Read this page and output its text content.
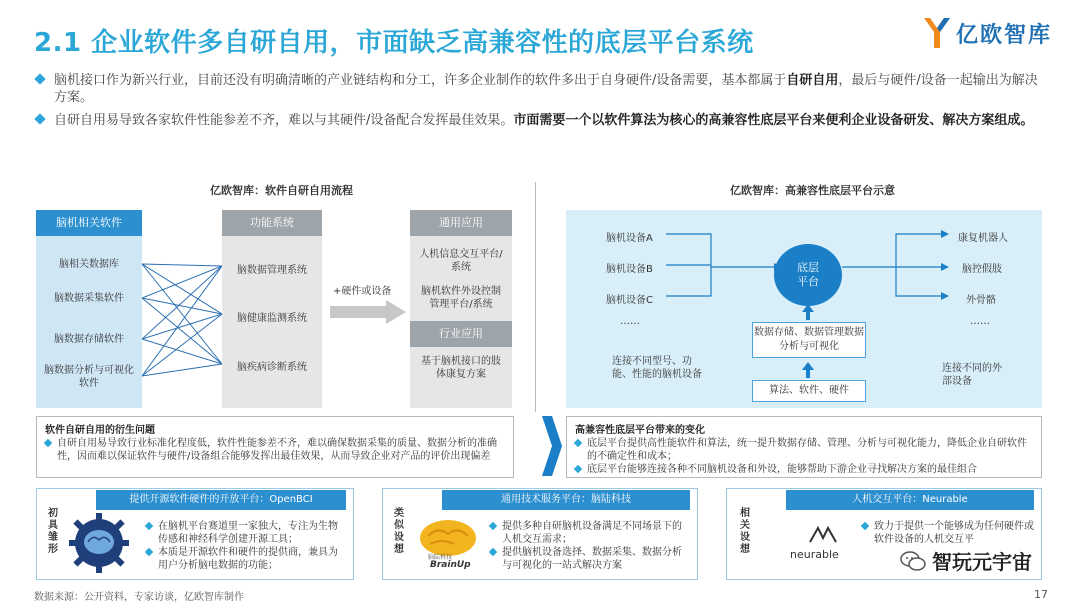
2.1 企业软件多自研自用，市面缺乏高兼容性的底层平台系统	亿欧智库
脑机接口作为新兴行业，目前还没有明确清晰的产业链结构和分工，许多企业制作的软件多出于自身硬件/设备需要，基本都属于自研自用，最后与硬件/设备一起输出为解决方案。
自研自用易导致各家软件性能参差不齐，难以与其硬件/设备配合发挥最佳效果。市面需要一个以软件算法为核心的高兼容性底层平台来便利企业设备研发、解决方案组成。
亿欧智库：软件自研自用流程
脑机相关软件
脑相关数据库
脑数据采集软件
脑数据存储软件
脑数据分析与可视化软件
功能系统
脑数据管理系统
脑健康监测系统
脑疾病诊断系统
+硬件或设备
通用应用
人机信息交互平台/系统
脑机软件外设控制管理平台/系统
行业应用
基于脑机接口的肢体康复方案
亿欧智库：高兼容性底层平台示意
脑机设备A
脑机设备B
脑机设备C
……
康复机器人
脑控假肢
外骨骼
……
底层平台
数据存储、数据管理数据分析与可视化
算法、软件、硬件
连接不同型号、功能、性能的脑机设备
连接不同的外部设备
软件自研自用的衍生问题
自研自用易导致行业标准化程度低，软件性能参差不齐，难以确保数据采集的质量、数据分析的准确性，因而难以保证软件与硬件/设备组合能够发挥出最佳效果，从而导致企业对产品的评价出现偏差
高兼容性底层平台带来的变化
底层平台提供高性能软件和算法，统一提升数据存储、管理、分析与可视化能力，降低企业自研软件的不确定性和成本；
底层平台能够连接各种不同脑机设备和外设，能够帮助下游企业寻找解决方案的最佳组合
提供开源软件硬件的开放平台：OpenBCI
初具雏形
在脑机平台赛道里一家独大，专注为生物传感和神经科学创建开源工具；
本质是开源软件和硬件的提供商，兼具为用户分析脑电数据的功能；
通用技术服务平台：脑陆科技
类似设想
脑陆科技
BrainUp
提供多种自研脑机设备满足不同场景下的人机交互需求；
提供脑机设备选择、数据采集、数据分析与可视化的一站式解决方案
人机交互平台：Neurable
相关设想	neurable
致力于提供一个能够成为任何硬件或软件设备的人机交互平
智玩元宇宙
数据来源：公开资料，专家访谈，亿欧智库制作	17
